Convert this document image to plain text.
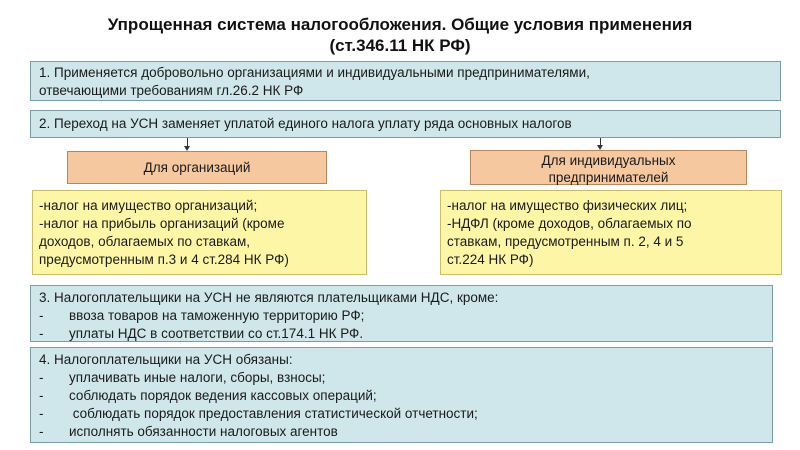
Упрощенная система налогообложения. Общие условия применения
(ст.346.11 НК РФ)
1. Применяется добровольно организациями и индивидуальными предпринимателями,
отвечающими требованиям гл.26.2 НК РФ
2. Переход на УСН заменяет уплатой единого налога уплату ряда основных налогов
Для организаций	Для индивидуальных
предпринимателей
-налог на имущество организаций;
-налог на прибыль организаций (кроме
доходов, облагаемых по ставкам,
предусмотренным п.3 и 4 ст.284 НК РФ)
-налог на имущество физических лиц;
-НДФЛ (кроме доходов, облагаемых по
ставкам, предусмотренным п. 2, 4 и 5
ст.224 НК РФ)
3. Налогоплательщики на УСН не являются плательщиками НДС, кроме:
-	ввоза товаров на таможенную территорию РФ;
-	уплаты НДС в соответствии со ст.174.1 НК РФ.
4. Налогоплательщики на УСН обязаны:
-	уплачивать иные налоги, сборы, взносы;
-	соблюдать порядок ведения кассовых операций;
-	соблюдать порядок предоставления статистической отчетности;
-	исполнять обязанности налоговых агентов
